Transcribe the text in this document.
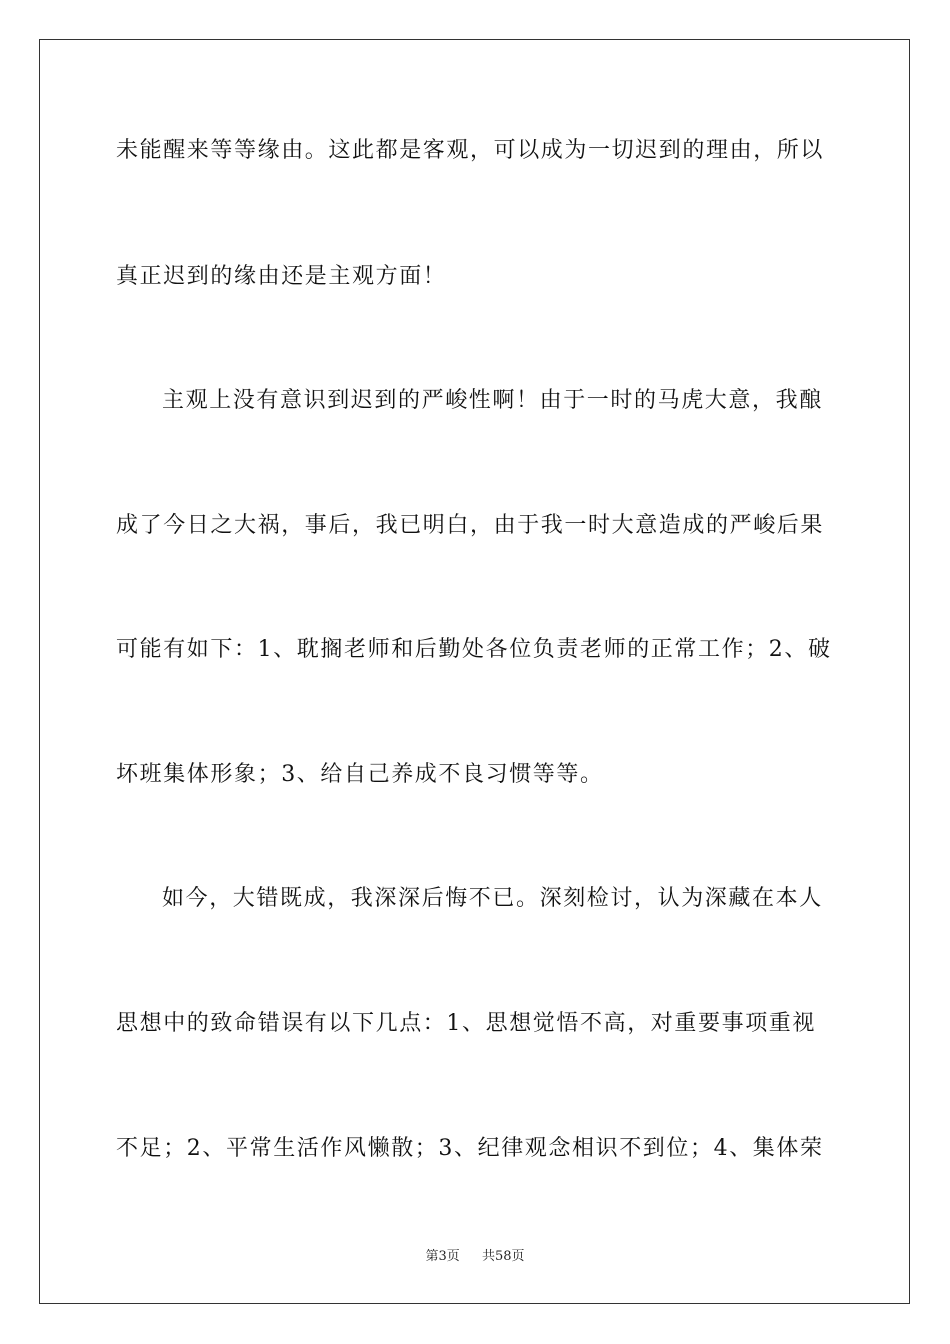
未能醒来等等缘由。这此都是客观，可以成为一切迟到的理由，所以
真正迟到的缘由还是主观方面！
主观上没有意识到迟到的严峻性啊！由于一时的马虎大意，我酿
成了今日之大祸，事后，我已明白，由于我一时大意造成的严峻后果
可能有如下：1、耽搁老师和后勤处各位负责老师的正常工作；2、破
坏班集体形象；3、给自己养成不良习惯等等。
如今，大错既成，我深深后悔不已。深刻检讨，认为深藏在本人
思想中的致命错误有以下几点：1、思想觉悟不高，对重要事项重视
不足；2、平常生活作风懒散；3、纪律观念相识不到位；4、集体荣
第3页 共58页
